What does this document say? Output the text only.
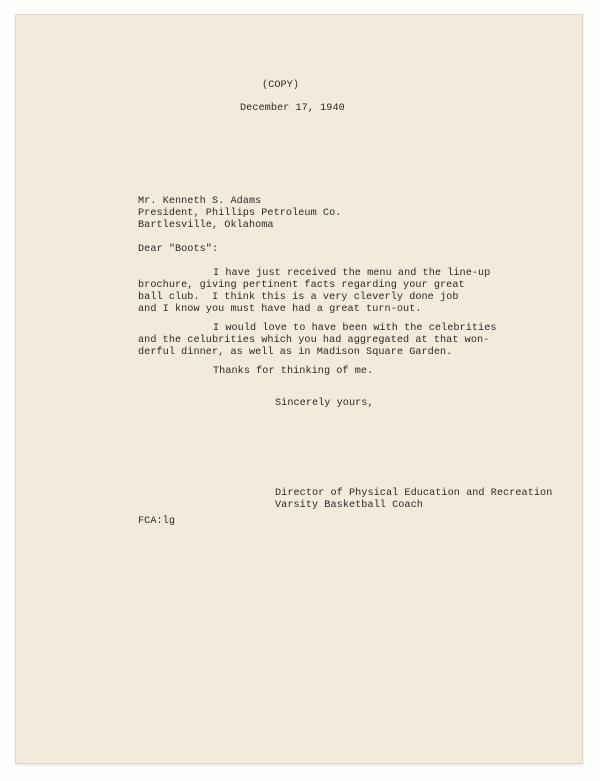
(COPY)
December 17, 1940
Mr. Kenneth S. Adams
President, Phillips Petroleum Co.
Bartlesville, Oklahoma
Dear "Boots":
I have just received the menu and the line-up
brochure, giving pertinent facts regarding your great
ball club.  I think this is a very cleverly done job
and I know you must have had a great turn-out.
I would love to have been with the celebrities
and the celubrities which you had aggregated at that won-
derful dinner, as well as in Madison Square Garden.
Thanks for thinking of me.
Sincerely yours,
Director of Physical Education and Recreation
Varsity Basketball Coach
FCA:lg
